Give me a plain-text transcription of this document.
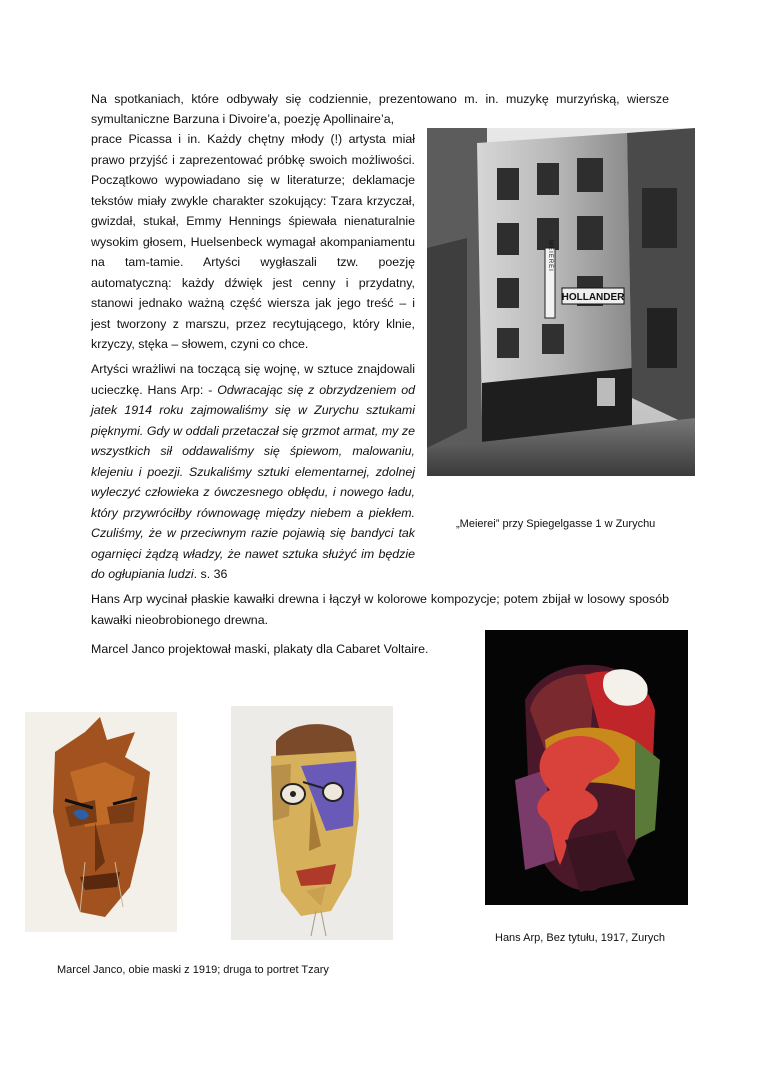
Na spotkaniach, które odbywały się codziennie, prezentowano m. in. muzykę murzyńską, wiersze

symultaniczne Barzuna i Divoire’a, poezję Apollinaire’a,

prace Picassa i in. Każdy chętny młody (!) artysta miał prawo przyjść i zaprezentować próbkę swoich możliwości. Początkowo wypowiadano się w literaturze; deklamacje tekstów miały zwykle charakter szokujący: Tzara krzyczał, gwizdał, stukał, Emmy Hennings śpiewała nienaturalnie wysokim głosem, Huelsenbeck wymagał akompaniamentu na tam-tamie. Artyści wygłaszali tzw. poezję automatyczną: każdy dźwięk jest cenny i przydatny, stanowi jednako ważną część wiersza jak jego treść – i jest tworzony z marszu, przez recytującego, który klnie, krzyczy, stęka – słowem, czyni co chce.

Artyści wrażliwi na toczącą się wojnę, w sztuce znajdowali ucieczkę. Hans Arp: - Odwracając się z obrzydzeniem od jatek 1914 roku zajmowaliśmy się w Zurychu sztukami pięknymi. Gdy w oddali przetaczał się grzmot armat, my ze wszystkich sił oddawaliśmy się śpiewom, malowaniu, klejeniu i poezji. Szukaliśmy sztuki elementarnej, zdolnej wyleczyć człowieka z ówczesnego obłędu, i nowego ładu, który przywróciłby równowagę między niebem a piekłem. Czuliśmy, że w przeciwnym razie pojawią się bandyci tak ogarnięci żądzą władzy, że nawet sztuka służyć im będzie do ogłupiania ludzi. s. 36

MEIEREI
HOLLANDER

„Meierei” przy Spiegelgasse 1 w Zurychu

Hans Arp wycinał płaskie kawałki drewna i łączył w kolorowe kompozycje; potem zbijał w losowy sposób kawałki nieobrobionego drewna.

Marcel Janco projektował maski, plakaty dla Cabaret Voltaire.

Hans Arp, Bez tytułu, 1917, Zurych

Marcel Janco, obie maski z 1919; druga to portret Tzary
